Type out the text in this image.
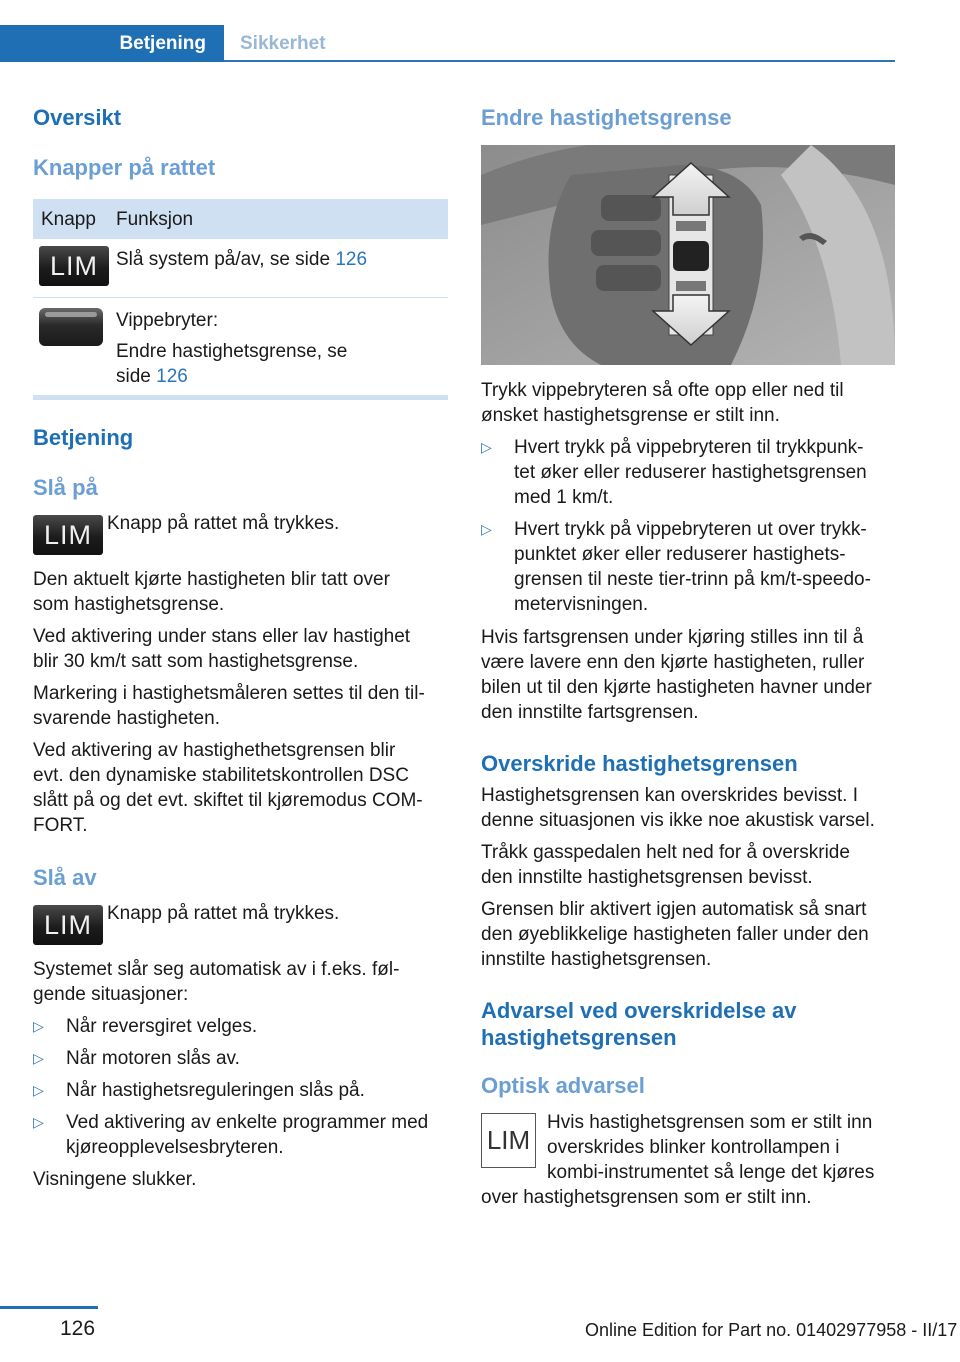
Betjening	Sikkerhet
Oversikt
Knapper på rattet
Knapp	Funksjon
LIM Slå system på/av, se side 126
Vippebryter:
Endre hastighetsgrense, se
side 126
Betjening
Slå på
LIM Knapp på rattet må trykkes.
Den aktuelt kjørte hastigheten blir tatt over
som hastighetsgrense.
Ved aktivering under stans eller lav hastighet
blir 30 km/t satt som hastighetsgrense.
Markering i hastighetsmåleren settes til den til‐
svarende hastigheten.
Ved aktivering av hastighethetsgrensen blir
evt. den dynamiske stabilitetskontrollen DSC
slått på og det evt. skiftet til kjøremodus COM‐
FORT.
Slå av
LIM Knapp på rattet må trykkes.
Systemet slår seg automatisk av i f.eks. føl‐
gende situasjoner:
▷ Når reversgiret velges.
▷ Når motoren slås av.
▷ Når hastighetsreguleringen slås på.
▷ Ved aktivering av enkelte programmer med
kjøreopplevelsesbryteren.
Visningene slukker.
Endre hastighetsgrense
Trykk vippebryteren så ofte opp eller ned til
ønsket hastighetsgrense er stilt inn.
▷ Hvert trykk på vippebryteren til trykkpunk‐
tet øker eller reduserer hastighetsgrensen
med 1 km/t.
▷ Hvert trykk på vippebryteren ut over trykk‐
punktet øker eller reduserer hastighets‐
grensen til neste tier-trinn på km/t-speedo‐
metervisningen.
Hvis fartsgrensen under kjøring stilles inn til å
være lavere enn den kjørte hastigheten, ruller
bilen ut til den kjørte hastigheten havner under
den innstilte fartsgrensen.
Overskride hastighetsgrensen
Hastighetsgrensen kan overskrides bevisst. I
denne situasjonen vis ikke noe akustisk varsel.
Tråkk gasspedalen helt ned for å overskride
den innstilte hastighetsgrensen bevisst.
Grensen blir aktivert igjen automatisk så snart
den øyeblikkelige hastigheten faller under den
innstilte hastighetsgrensen.
Advarsel ved overskridelse av
hastighetsgrensen
Optisk advarsel
LIM
Hvis hastighetsgrensen som er stilt inn
overskrides blinker kontrollampen i
kombi-instrumentet så lenge det kjøres
over hastighetsgrensen som er stilt inn.
126	Online Edition for Part no. 01402977958 - II/17
